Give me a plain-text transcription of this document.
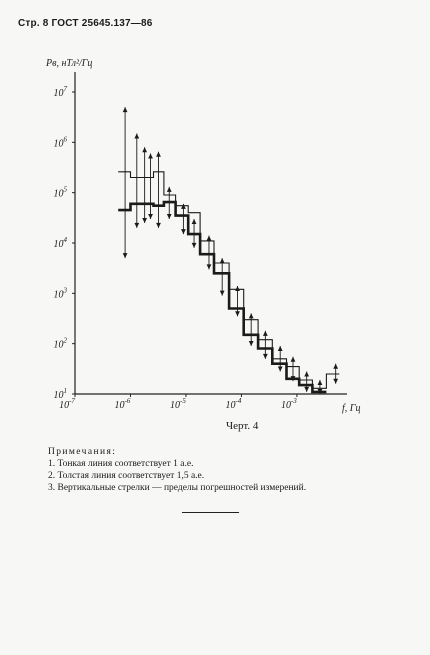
Стр. 8 ГОСТ 25645.137—86
$10^{-7}$	$10^{-6}$	$10^{-5}$	$10^{-4}$	$10^{-3}$
$10^1$
$10^2$
$10^3$
$10^4$
$10^5$
$10^6$
$10^7$
Pв, нТл²/Гц
f, Гц
Черт. 4
Примечания:
1. Тонкая линия соответствует 1 а.е.
2. Толстая линия соответствует 1,5 а.е.
3. Вертикальные стрелки — пределы погрешностей измерений.
